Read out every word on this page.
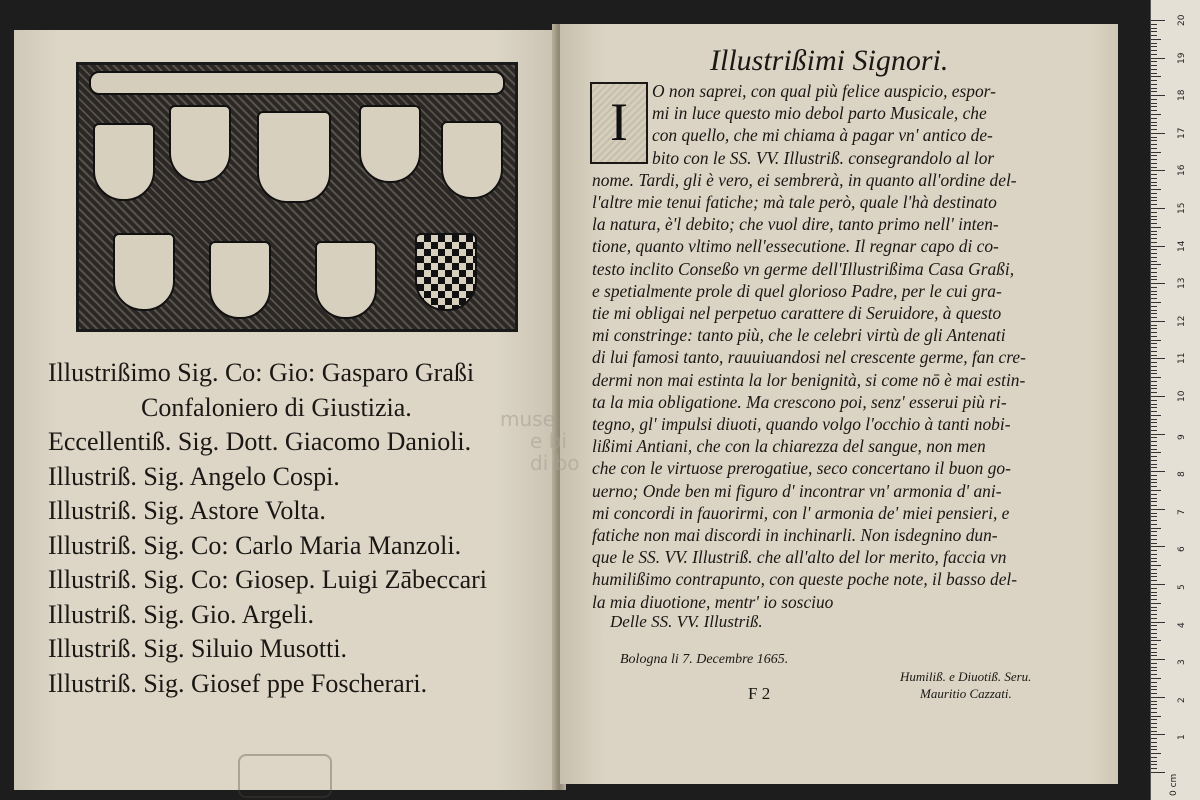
Illustrißimo Sig. Co: Gio: Gasparo Graßi
Confaloniero di Giustizia.
Eccellentiß. Sig. Dott. Giacomo Danioli.
Illustriß. Sig. Angelo Cospi.
Illustriß. Sig. Astore Volta.
Illustriß. Sig. Co: Carlo Maria Manzoli.
Illustriß. Sig. Co: Giosep. Luigi Zābeccari
Illustriß. Sig. Gio. Argeli.
Illustriß. Sig. Siluio Musotti.
Illustriß. Sig. Giosef ppe Foscherari.
Illustrißimi Signori.
I
O non saprei, con qual più felice auspicio, espor-
mi in luce questo mio debol parto Musicale, che
con quello, che mi chiama à pagar vn' antico de-
bito con le SS. VV. Illustriß. consegrandolo al lor
nome. Tardi, gli è vero, ei sembrerà, in quanto all'ordine del-
l'altre mie tenui fatiche; mà tale però, quale l'hà destinato
la natura, è'l debito; che vuol dire, tanto primo nell' inten-
tione, quanto vltimo nell'essecutione. Il regnar capo di co-
testo inclito Conseßo vn germe dell'Illustrißima Casa Graßi,
e spetialmente prole di quel glorioso Padre, per le cui gra-
tie mi obligai nel perpetuo carattere di Seruidore, à questo
mi constringe: tanto più, che le celebri virtù de gli Antenati
di lui famosi tanto, rauuiuandosi nel crescente germe, fan cre-
dermi non mai estinta la lor benignità, si come nō è mai estin-
ta la mia obligatione. Ma crescono poi, senz' esserui più ri-
tegno, gl' impulsi diuoti, quando volgo l'occhio à tanti nobi-
lißimi Antiani, che con la chiarezza del sangue, non men
che con le virtuose prerogatiue, seco concertano il buon go-
uerno; Onde ben mi figuro d' incontrar vn' armonia d' ani-
mi concordi in fauorirmi, con l' armonia de' miei pensieri, e
fatiche non mai discordi in inchinarli. Non isdegnino dun-
que le SS. VV. Illustriß. che all'alto del lor merito, faccia vn
humilißimo contrapunto, con queste poche note, il basso del-
la mia diuotione, mentr' io sosciuo
Delle SS. VV. Illustriß.
Bologna li 7. Decembre 1665.
Humiliß. e Diuotiß. Seru.
Mauritio Cazzati.
F 2
muse
e bi
di bo
0 cm
1
2
3
4
5
6
7
8
9
10
11
12
13
14
15
16
17
18
19
20
